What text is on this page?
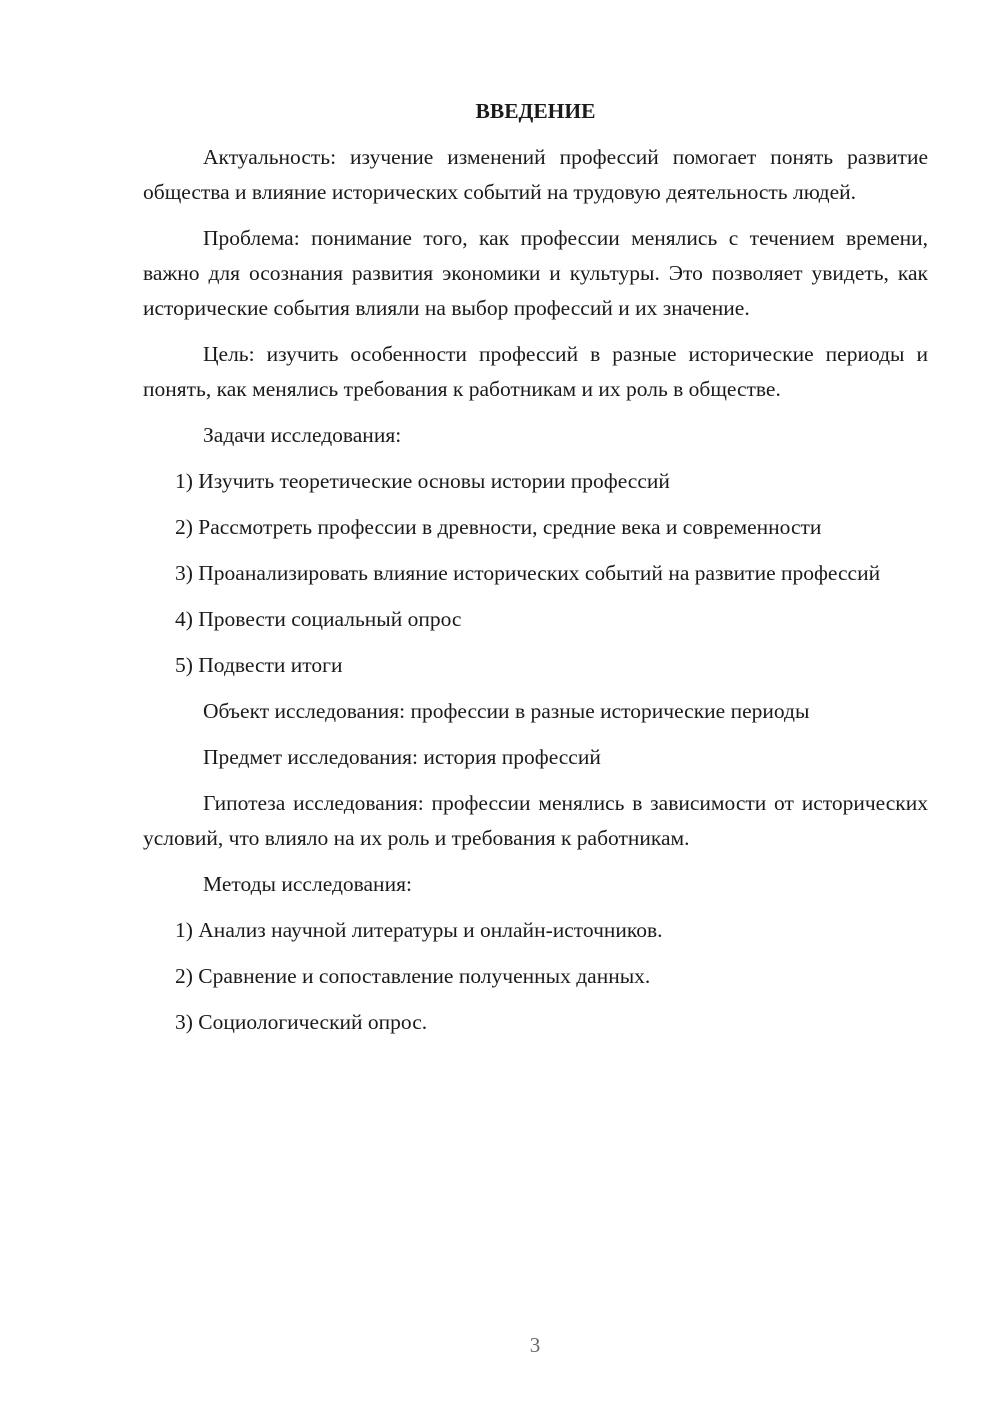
ВВЕДЕНИЕ

Актуальность: изучение изменений профессий помогает понять развитие общества и влияние исторических событий на трудовую деятельность людей.

Проблема: понимание того, как профессии менялись с течением времени, важно для осознания развития экономики и культуры. Это позволяет увидеть, как исторические события влияли на выбор профессий и их значение.

Цель: изучить особенности профессий в разные исторические периоды и понять, как менялись требования к работникам и их роль в обществе.

Задачи исследования:

1) Изучить теоретические основы истории профессий

2) Рассмотреть профессии в древности, средние века и современности

3) Проанализировать влияние исторических событий на развитие профессий

4) Провести социальный опрос

5) Подвести итоги

Объект исследования: профессии в разные исторические периоды

Предмет исследования: история профессий

Гипотеза исследования: профессии менялись в зависимости от исторических условий, что влияло на их роль и требования к работникам.

Методы исследования:

1) Анализ научной литературы и онлайн-источников.

2) Сравнение и сопоставление полученных данных.

3) Социологический опрос.

3
